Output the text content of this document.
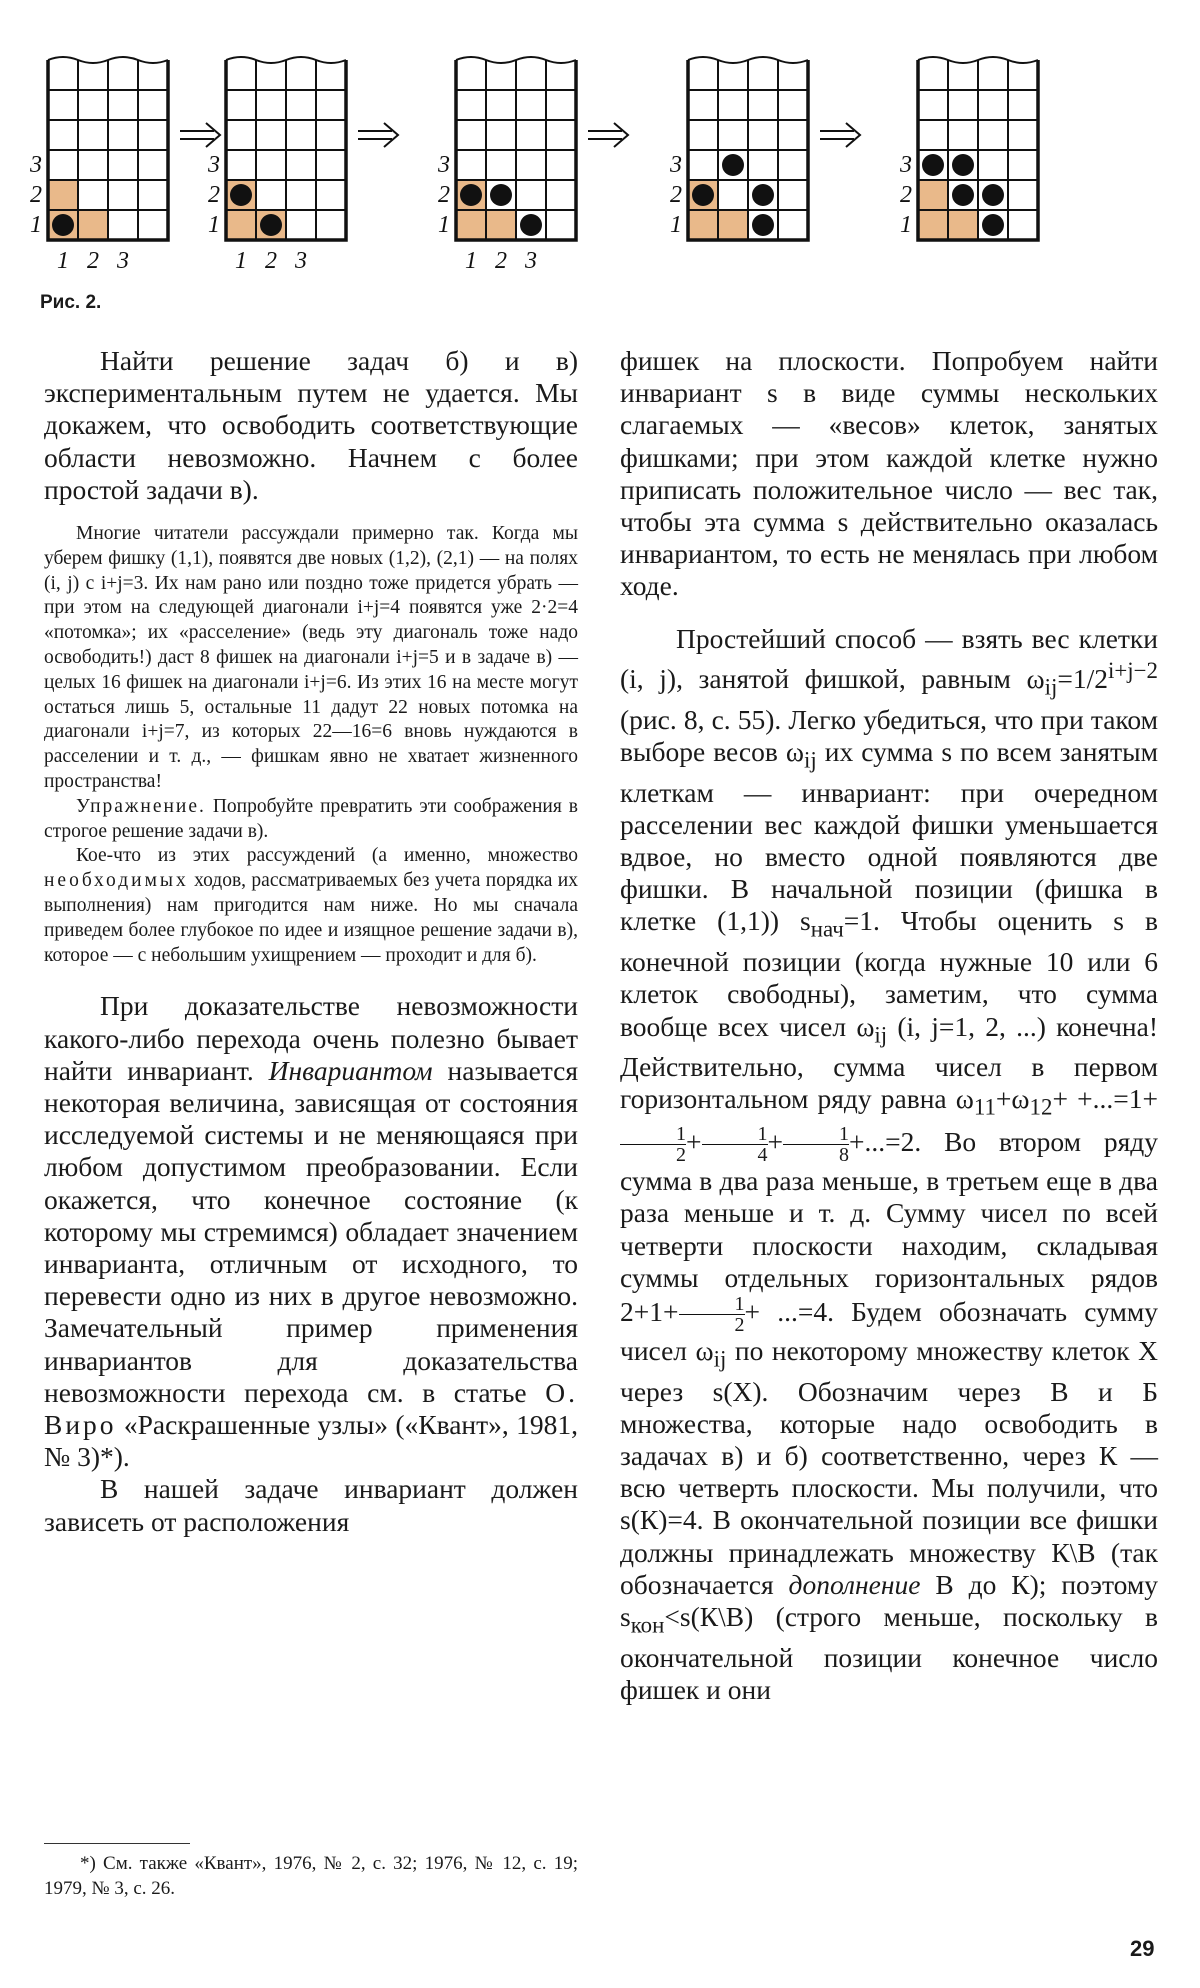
3
2
1
1 2 3
3
2
1
1 2 3
3
2
1
1 2 3
3
2
1
3
2
1
Рис. 2.

Найти решение задач б) и в) экспериментальным путем не удается. Мы докажем, что освободить соответствующие области невозможно. Начнем с более простой задачи в).

Многие читатели рассуждали примерно так. Когда мы уберем фишку (1,1), появятся две новых (1,2), (2,1) — на полях (i, j) с i+j=3. Их нам рано или поздно тоже придется убрать — при этом на следующей диагонали i+j=4 появятся уже 2·2=4 «потомка»; их «расселение» (ведь эту диагональ тоже надо освободить!) даст 8 фишек на диагонали i+j=5 и в задаче в) — целых 16 фишек на диагонали i+j=6. Из этих 16 на месте могут остаться лишь 5, остальные 11 дадут 22 новых потомка на диагонали i+j=7, из которых 22—16=6 вновь нуждаются в расселении и т. д., — фишкам явно не хватает жизненного пространства!

Упражнение. Попробуйте превратить эти соображения в строгое решение задачи в).

Кое-что из этих рассуждений (а именно, множество необходимых ходов, рассматриваемых без учета порядка их выполнения) нам пригодится нам ниже. Но мы сначала приведем более глубокое по идее и изящное решение задачи в), которое — с небольшим ухищрением — проходит и для б).

При доказательстве невозможности какого-либо перехода очень полезно бывает найти инвариант. Инвариантом называется некоторая величина, зависящая от состояния исследуемой системы и не меняющаяся при любом допустимом преобразовании. Если окажется, что конечное состояние (к которому мы стремимся) обладает значением инварианта, отличным от исходного, то перевести одно из них в другое невозможно. Замечательный пример применения инвариантов для доказательства невозможности перехода см. в статье О. Виро «Раскрашенные узлы» («Квант», 1981, № 3)*).

В нашей задаче инвариант должен зависеть от расположения

*) См. также «Квант», 1976, № 2, с. 32; 1976, № 12, с. 19; 1979, № 3, с. 26.

фишек на плоскости. Попробуем найти инвариант s в виде суммы нескольких слагаемых — «весов» клеток, занятых фишками; при этом каждой клетке нужно приписать положительное число — вес так, чтобы эта сумма s действительно оказалась инвариантом, то есть не менялась при любом ходе.

Простейший способ — взять вес клетки (i, j), занятой фишкой, равным $\omega_{ij}=1/2^{i+j-2}$ (рис. 8, с. 55). Легко убедиться, что при таком выборе весов $\omega_{ij}$ их сумма s по всем занятым клеткам — инвариант: при очередном расселении вес каждой фишки уменьшается вдвое, но вместо одной появляются две фишки. В начальной позиции (фишка в клетке (1,1)) $s_{нач}=1$. Чтобы оценить s в конечной позиции (когда нужные 10 или 6 клеток свободны), заметим, что сумма вообще всех чисел $\omega_{ij}$ (i, j=1, 2, ...) конечна! Действительно, сумма чисел в первом горизонтальном ряду равна $\omega_{11}+\omega_{12}+ +...=1+$
$\frac{1}{2} + \frac{1}{4} + \frac{1}{8} +...=2$. Во втором ряду сумма в два раза меньше, в третьем еще в два раза меньше и т. д. Сумму чисел по всей четверти плоскости находим, складывая суммы отдельных горизонтальных рядов $2+1+ \frac{1}{2} + ...=4$. Будем обозначать сумму чисел $\omega_{ij}$ по некоторому множеству клеток X через s(X). Обозначим через В и Б множества, которые надо освободить в задачах в) и б) соответственно, через К — всю четверть плоскости. Мы получили, что s(К)=4. В окончательной позиции все фишки должны принадлежать множеству К\В (так обозначается дополнение В до К); поэтому $s_{кон}<s(К\backslash В)$ (строго меньше, поскольку в окончательной позиции конечное число фишек и они

29
